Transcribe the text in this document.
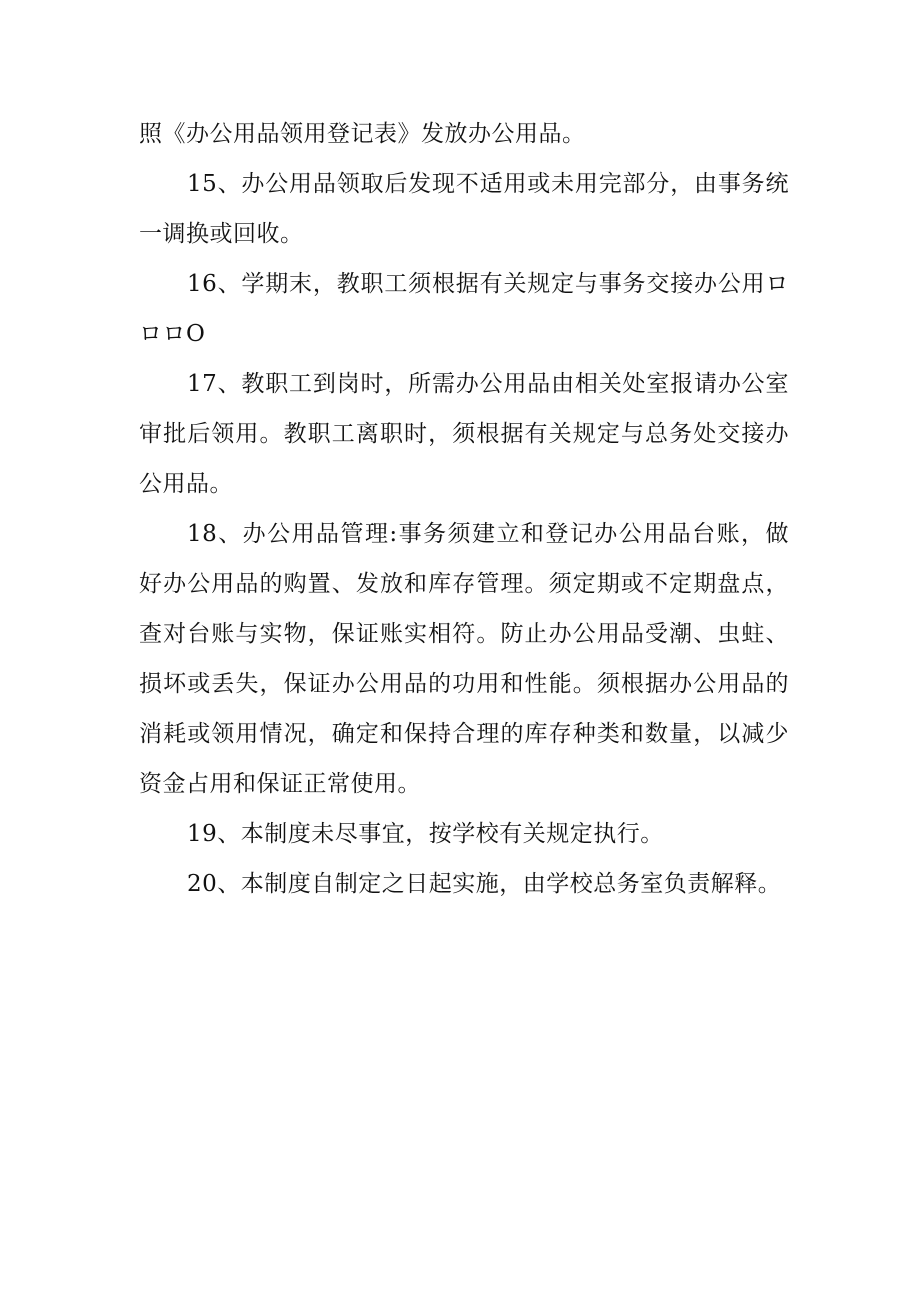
照《办公用品领用登记表》发放办公用品。

15、办公用品领取后发现不适用或未用完部分，由事务统一调换或回收。

16、学期末，教职工须根据有关规定与事务交接办公用ロロロO

17、教职工到岗时，所需办公用品由相关处室报请办公室审批后领用。教职工离职时，须根据有关规定与总务处交接办公用品。

18、办公用品管理:事务须建立和登记办公用品台账，做好办公用品的购置、发放和库存管理。须定期或不定期盘点，查对台账与实物，保证账实相符。防止办公用品受潮、虫蛀、损坏或丢失，保证办公用品的功用和性能。须根据办公用品的消耗或领用情况，确定和保持合理的库存种类和数量，以减少资金占用和保证正常使用。

19、本制度未尽事宜，按学校有关规定执行。

20、本制度自制定之日起实施，由学校总务室负责解释。
